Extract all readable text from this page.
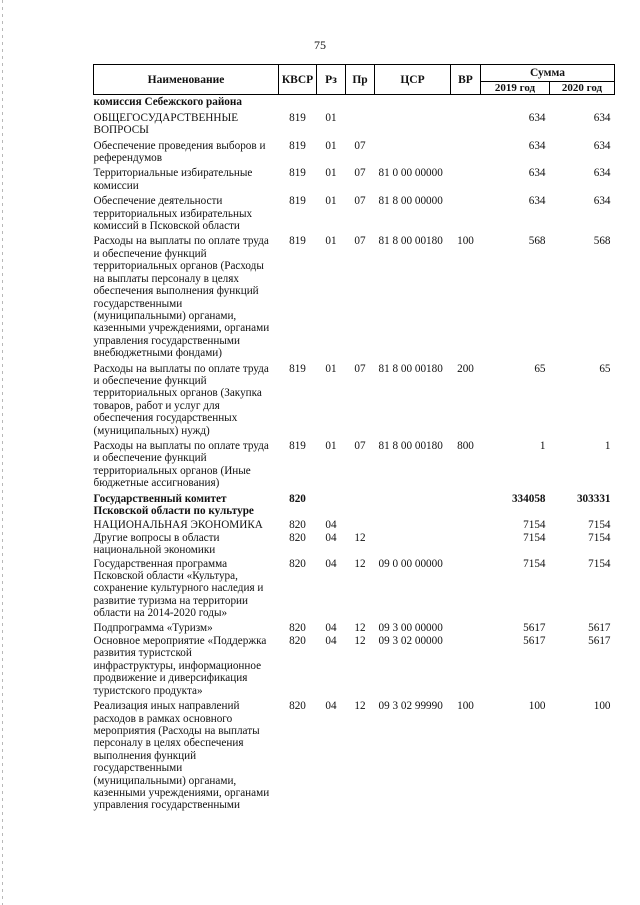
75
Наименование	КВСР	Рз	Пр	ЦСР	ВР	Сумма	
						2019 год	2020 год
комиссия Себежского района							
ОБЩЕГОСУДАРСТВЕННЫЕ ВОПРОСЫ	819	01				634	634
Обеспечение проведения выборов и референдумов	819	01	07			634	634
Территориальные избирательные комиссии	819	01	07	81 0 00 00000		634	634
Обеспечение деятельности территориальных избирательных комиссий в Псковской области	819	01	07	81 8 00 00000		634	634
Расходы на выплаты по оплате труда и обеспечение функций территориальных органов (Расходы на выплаты персоналу в целях обеспечения выполнения функций государственными (муниципальными) органами, казенными учреждениями, органами управления государственными внебюджетными фондами)	819	01	07	81 8 00 00180	100	568	568
Расходы на выплаты по оплате труда и обеспечение функций территориальных органов (Закупка товаров, работ и услуг для обеспечения государственных (муниципальных) нужд)	819	01	07	81 8 00 00180	200	65	65
Расходы на выплаты по оплате труда и обеспечение функций территориальных органов (Иные бюджетные ассигнования)	819	01	07	81 8 00 00180	800	1	1
Государственный комитет Псковской области по культуре	820					334058	303331
НАЦИОНАЛЬНАЯ ЭКОНОМИКА	820	04				7154	7154
Другие вопросы в области национальной экономики	820	04	12			7154	7154
Государственная программа Псковской области «Культура, сохранение культурного наследия и развитие туризма на территории области на 2014-2020 годы»	820	04	12	09 0 00 00000		7154	7154
Подпрограмма «Туризм»	820	04	12	09 3 00 00000		5617	5617
Основное мероприятие «Поддержка развития туристской инфраструктуры, информационное продвижение и диверсификация туристского продукта»	820	04	12	09 3 02 00000		5617	5617
Реализация иных направлений расходов в рамках основного мероприятия (Расходы на выплаты персоналу в целях обеспечения выполнения функций государственными (муниципальными) органами, казенными учреждениями, органами управления государственными	820	04	12	09 3 02 99990	100	100	100
